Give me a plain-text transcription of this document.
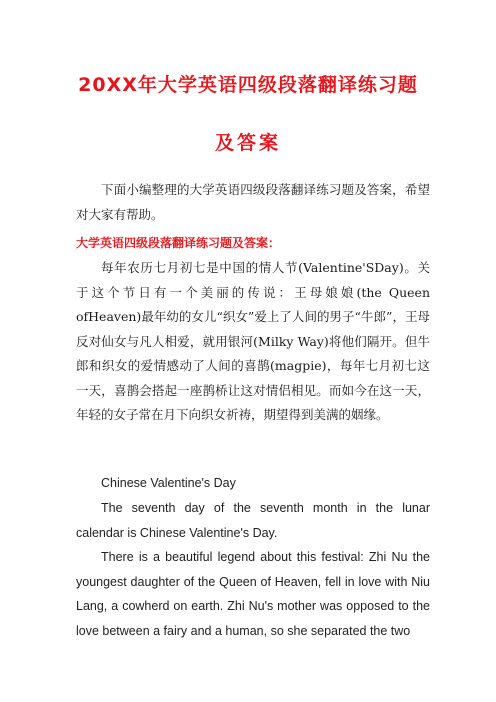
20XX年大学英语四级段落翻译练习题
及答案

下面小编整理的大学英语四级段落翻译练习题及答案，希望对大家有帮助。

大学英语四级段落翻译练习题及答案：

每年农历七月初七是中国的情人节(Valentine'SDay)。关于这个节日有一个美丽的传说：王母娘娘(the Queen ofHeaven)最年幼的女儿“织女”爱上了人间的男子“牛郎”，王母反对仙女与凡人相爱，就用银河(Milky Way)将他们隔开。但牛郎和织女的爱情感动了人间的喜鹊(magpie)，每年七月初七这一天，喜鹊会搭起一座鹊桥让这对情侣相见。而如今在这一天，年轻的女子常在月下向织女祈祷，期望得到美满的姻缘。

Chinese Valentine's Day

The seventh day of the seventh month in the lunar calendar is Chinese Valentine's Day.

There is a beautiful legend about this festival: Zhi Nu the youngest daughter of the Queen of Heaven, fell in love with Niu Lang, a cowherd on earth. Zhi Nu's mother was opposed to the love between a fairy and a human, so she separated the two
